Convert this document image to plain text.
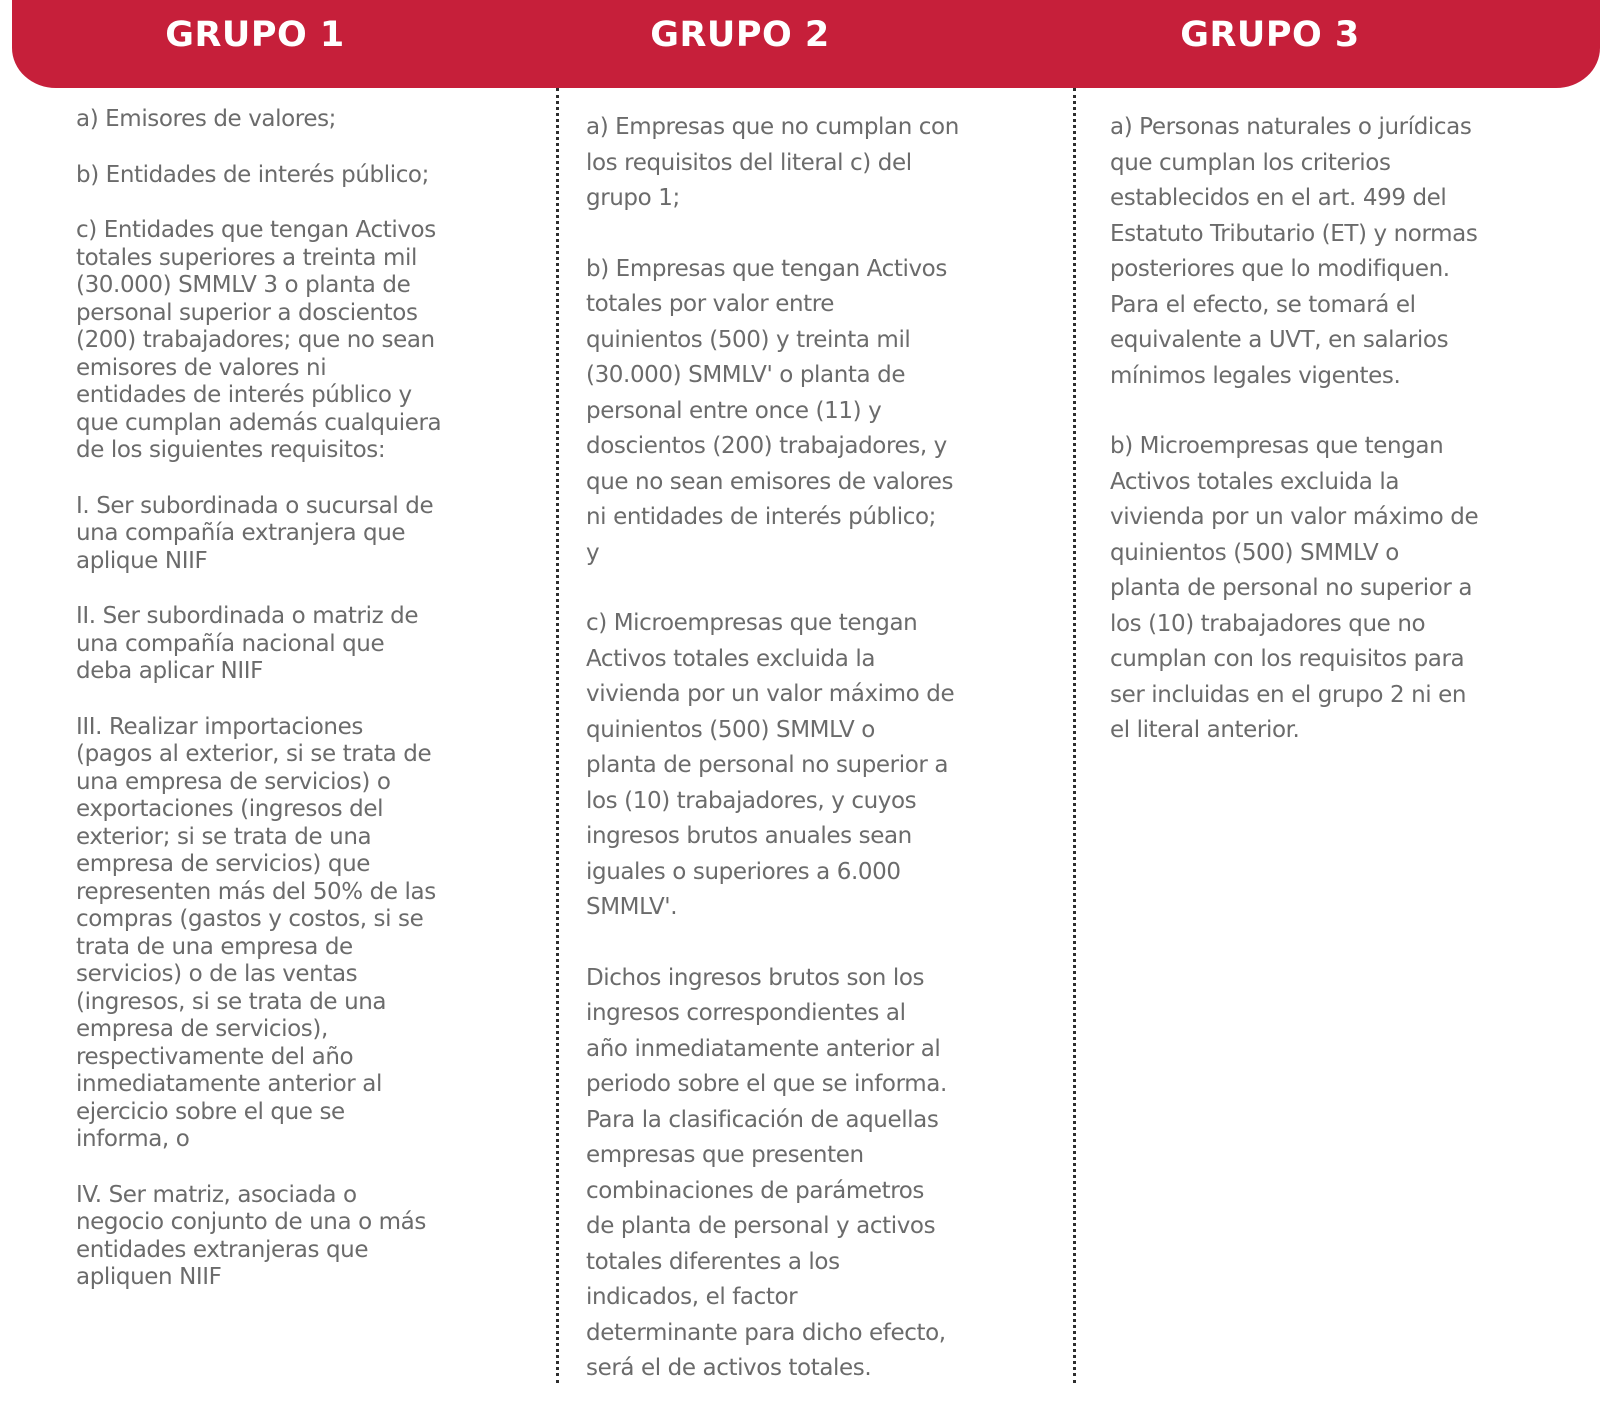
GRUPO 1	GRUPO 2	GRUPO 3

a) Emisores de valores;

b) Entidades de interés público;

c) Entidades que tengan Activos
totales superiores a treinta mil
(30.000) SMMLV 3 o planta de
personal superior a doscientos
(200) trabajadores; que no sean
emisores de valores ni
entidades de interés público y
que cumplan además cualquiera
de los siguientes requisitos:

I. Ser subordinada o sucursal de
una compañía extranjera que
aplique NIIF

II. Ser subordinada o matriz de
una compañía nacional que
deba aplicar NIIF

III. Realizar importaciones
(pagos al exterior, si se trata de
una empresa de servicios) o
exportaciones (ingresos del
exterior; si se trata de una
empresa de servicios) que
representen más del 50% de las
compras (gastos y costos, si se
trata de una empresa de
servicios) o de las ventas
(ingresos, si se trata de una
empresa de servicios),
respectivamente del año
inmediatamente anterior al
ejercicio sobre el que se
informa, o

IV. Ser matriz, asociada o
negocio conjunto de una o más
entidades extranjeras que
apliquen NIIF

a) Empresas que no cumplan con
los requisitos del literal c) del
grupo 1;

b) Empresas que tengan Activos
totales por valor entre
quinientos (500) y treinta mil
(30.000) SMMLV' o planta de
personal entre once (11) y
doscientos (200) trabajadores, y
que no sean emisores de valores
ni entidades de interés público;
y

c) Microempresas que tengan
Activos totales excluida la
vivienda por un valor máximo de
quinientos (500) SMMLV o
planta de personal no superior a
los (10) trabajadores, y cuyos
ingresos brutos anuales sean
iguales o superiores a 6.000
SMMLV'.

Dichos ingresos brutos son los
ingresos correspondientes al
año inmediatamente anterior al
periodo sobre el que se informa.
Para la clasificación de aquellas
empresas que presenten
combinaciones de parámetros
de planta de personal y activos
totales diferentes a los
indicados, el factor
determinante para dicho efecto,
será el de activos totales.

a) Personas naturales o jurídicas
que cumplan los criterios
establecidos en el art. 499 del
Estatuto Tributario (ET) y normas
posteriores que lo modifiquen.
Para el efecto, se tomará el
equivalente a UVT, en salarios
mínimos legales vigentes.

b) Microempresas que tengan
Activos totales excluida la
vivienda por un valor máximo de
quinientos (500) SMMLV o
planta de personal no superior a
los (10) trabajadores que no
cumplan con los requisitos para
ser incluidas en el grupo 2 ni en
el literal anterior.
